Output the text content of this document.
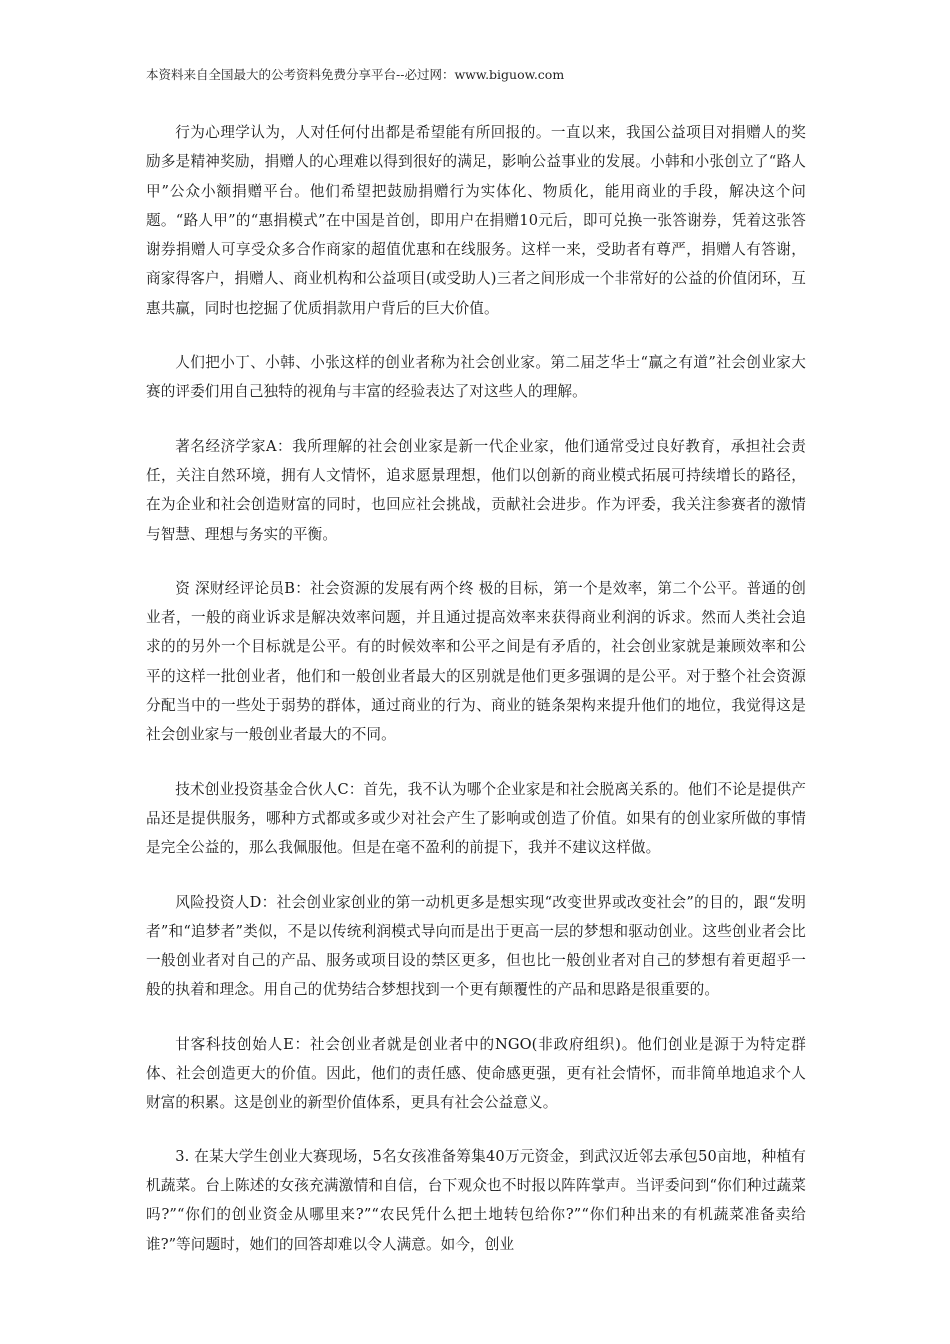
本资料来自全国最大的公考资料免费分享平台--必过网：www.biguow.com

行为心理学认为，人对任何付出都是希望能有所回报的。一直以来，我国公益项目对捐赠人的奖励多是精神奖励，捐赠人的心理难以得到很好的满足，影响公益事业的发展。小韩和小张创立了“路人甲”公众小额捐赠平台。他们希望把鼓励捐赠行为实体化、物质化，能用商业的手段，解决这个问题。“路人甲”的“惠捐模式”在中国是首创，即用户在捐赠10元后，即可兑换一张答谢券，凭着这张答谢券捐赠人可享受众多合作商家的超值优惠和在线服务。这样一来，受助者有尊严，捐赠人有答谢，商家得客户，捐赠人、商业机构和公益项目(或受助人)三者之间形成一个非常好的公益的价值闭环，互惠共赢，同时也挖掘了优质捐款用户背后的巨大价值。

人们把小丁、小韩、小张这样的创业者称为社会创业家。第二届芝华士“赢之有道”社会创业家大赛的评委们用自己独特的视角与丰富的经验表达了对这些人的理解。

著名经济学家A：我所理解的社会创业家是新一代企业家，他们通常受过良好教育，承担社会责任，关注自然环境，拥有人文情怀，追求愿景理想，他们以创新的商业模式拓展可持续增长的路径，在为企业和社会创造财富的同时，也回应社会挑战，贡献社会进步。作为评委，我关注参赛者的激情与智慧、理想与务实的平衡。

资 深财经评论员B：社会资源的发展有两个终 极的目标，第一个是效率，第二个公平。普通的创业者，一般的商业诉求是解决效率问题，并且通过提高效率来获得商业利润的诉求。然而人类社会追求的的另外一个目标就是公平。有的时候效率和公平之间是有矛盾的，社会创业家就是兼顾效率和公平的这样一批创业者，他们和一般创业者最大的区别就是他们更多强调的是公平。对于整个社会资源分配当中的一些处于弱势的群体，通过商业的行为、商业的链条架构来提升他们的地位，我觉得这是社会创业家与一般创业者最大的不同。

技术创业投资基金合伙人C：首先，我不认为哪个企业家是和社会脱离关系的。他们不论是提供产品还是提供服务，哪种方式都或多或少对社会产生了影响或创造了价值。如果有的创业家所做的事情是完全公益的，那么我佩服他。但是在毫不盈利的前提下，我并不建议这样做。

风险投资人D：社会创业家创业的第一动机更多是想实现“改变世界或改变社会”的目的，跟“发明者”和“追梦者”类似，不是以传统利润模式导向而是出于更高一层的梦想和驱动创业。这些创业者会比一般创业者对自己的产品、服务或项目设的禁区更多，但也比一般创业者对自己的梦想有着更超乎一般的执着和理念。用自己的优势结合梦想找到一个更有颠覆性的产品和思路是很重要的。

甘客科技创始人E：社会创业者就是创业者中的NGO(非政府组织)。他们创业是源于为特定群体、社会创造更大的价值。因此，他们的责任感、使命感更强，更有社会情怀，而非简单地追求个人财富的积累。这是创业的新型价值体系，更具有社会公益意义。

3. 在某大学生创业大赛现场，5名女孩准备筹集40万元资金，到武汉近邻去承包50亩地，种植有机蔬菜。台上陈述的女孩充满激情和自信，台下观众也不时报以阵阵掌声。当评委问到“你们种过蔬菜吗?”“你们的创业资金从哪里来?”“农民凭什么把土地转包给你?”“你们种出来的有机蔬菜准备卖给谁?”等问题时，她们的回答却难以令人满意。如今，创业
